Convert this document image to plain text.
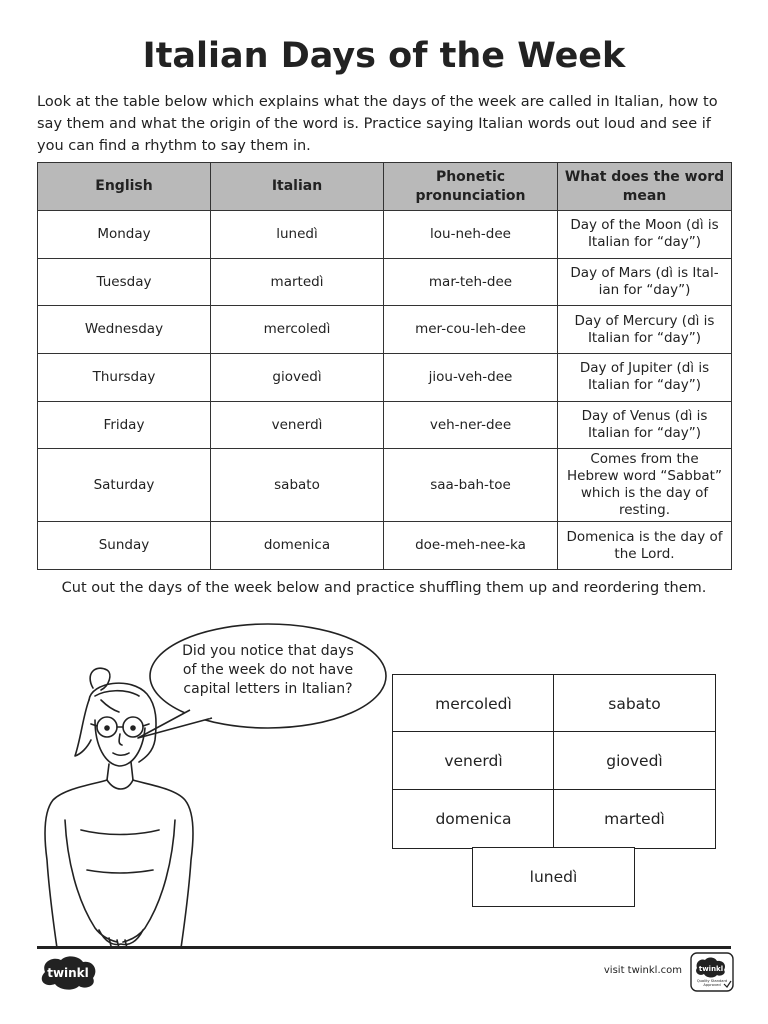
Italian Days of the Week
Look at the table below which explains what the days of the week are called in Italian, how to say them and what the origin of the word is. Practice saying Italian words out loud and see if you can find a rhythm to say them in.
English	Italian	Phonetic pronunciation	What does the word mean
Monday	lunedì	lou-neh-dee	Day of the Moon (dì is Italian for “day”)
Tuesday	martedì	mar-teh-dee	Day of Mars (dì is Ital-ian for “day”)
Wednesday	mercoledì	mer-cou-leh-dee	Day of Mercury (dì is Italian for “day”)
Thursday	giovedì	jiou-veh-dee	Day of Jupiter (dì is Italian for “day”)
Friday	venerdì	veh-ner-dee	Day of Venus (dì is Italian for “day”)
Saturday	sabato	saa-bah-toe	Comes from the Hebrew word “Sabbat” which is the day of resting.
Sunday	domenica	doe-meh-nee-ka	Domenica is the day of the Lord.
Cut out the days of the week below and practice shuffling them up and reordering them.
Did you notice that days of the week do not have capital letters in Italian?
mercoledì	sabato
venerdì	giovedì
domenica	martedì
lunedì
twinkl	visit twinkl.com twinkl
Quality Standard Approved
